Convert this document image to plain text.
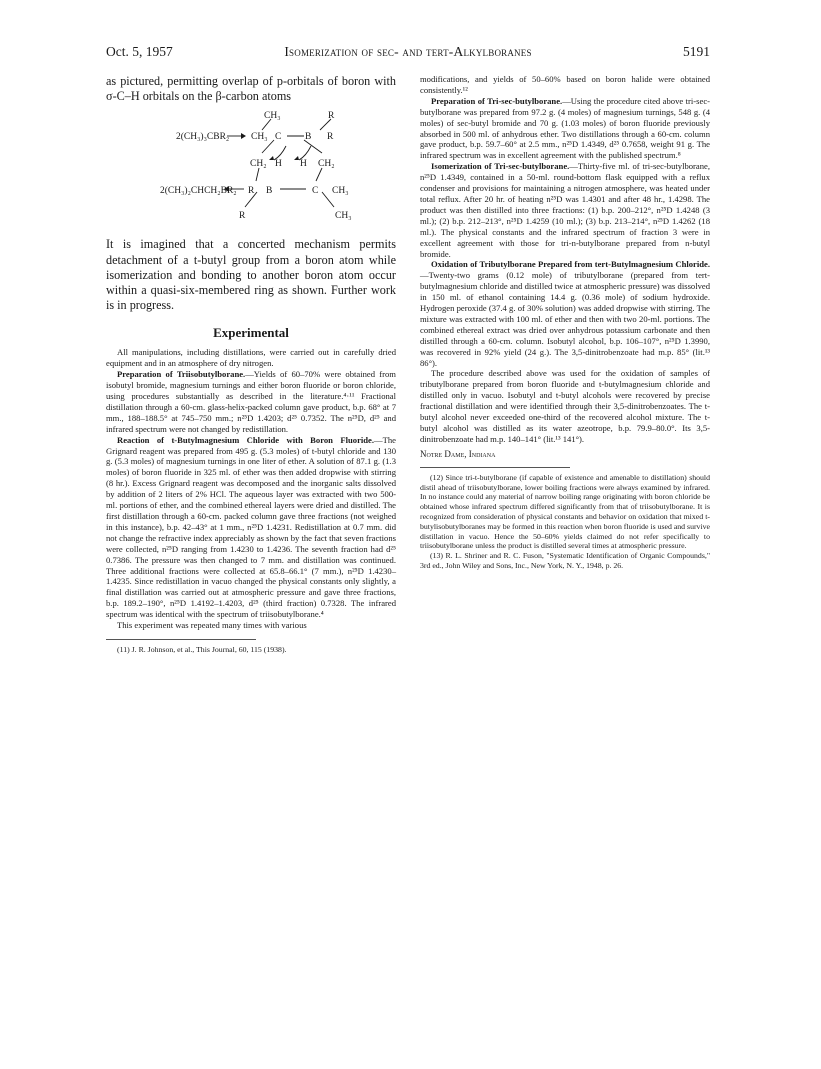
Oct. 5, 1957	Isomerization of sec- and tert-Alkylboranes	5191

as pictured, permitting overlap of p-orbitals of boron with σ-C–H orbitals on the β-carbon atoms

2(CH₃)₃CBR₂
2(CH₃)₂CHCH₂BR₂
CH₃	R
CH₃ C B R
CH₂ H H CH₂
R B	C CH₃
R	CH₃

It is imagined that a concerted mechanism permits detachment of a t-butyl group from a boron atom while isomerization and bonding to another boron atom occur within a quasi-six-membered ring as shown. Further work is in progress.

Experimental

All manipulations, including distillations, were carried out in carefully dried equipment and in an atmosphere of dry nitrogen.

Preparation of Triisobutylborane.—Yields of 60–70% were obtained from isobutyl bromide, magnesium turnings and either boron fluoride or boron chloride, using procedures substantially as described in the literature.⁴·¹¹ Fractional distillation through a 60-cm. glass-helix-packed column gave product, b.p. 68° at 7 mm., 188–188.5° at 745–750 mm.; n²⁵D 1.4203; d²⁵ 0.7352. The n²⁵D, d²⁵ and infrared spectrum were not changed by redistillation.

Reaction of t-Butylmagnesium Chloride with Boron Fluoride.—The Grignard reagent was prepared from 495 g. (5.3 moles) of t-butyl chloride and 130 g. (5.3 moles) of magnesium turnings in one liter of ether. A solution of 87.1 g. (1.3 moles) of boron fluoride in 325 ml. of ether was then added dropwise with stirring (8 hr.). Excess Grignard reagent was decomposed and the inorganic salts dissolved by addition of 2 liters of 2% HCl. The aqueous layer was extracted with two 500-ml. portions of ether, and the combined ethereal layers were dried and distilled. The first distillation through a 60-cm. packed column gave three fractions (not weighed in this instance), b.p. 42–43° at 1 mm., n²⁵D 1.4231. Redistillation at 0.7 mm. did not change the refractive index appreciably as shown by the fact that seven fractions were collected, n²⁵D ranging from 1.4230 to 1.4236. The seventh fraction had d²⁵ 0.7386. The pressure was then changed to 7 mm. and distillation was continued. Three additional fractions were collected at 65.8–66.1° (7 mm.), n²⁵D 1.4230–1.4235. Since redistillation in vacuo changed the physical constants only slightly, a final distillation was carried out at atmospheric pressure and gave three fractions, b.p. 189.2–190°, n²⁵D 1.4192–1.4203, d²⁵ (third fraction) 0.7328. The infrared spectrum was identical with the spectrum of triisobutylborane.⁴

This experiment was repeated many times with various

(11) J. R. Johnson, et al., This Journal, 60, 115 (1938).

modifications, and yields of 50–60% based on boron halide were obtained consistently.¹²

Preparation of Tri-sec-butylborane.—Using the procedure cited above tri-sec-butylborane was prepared from 97.2 g. (4 moles) of magnesium turnings, 548 g. (4 moles) of sec-butyl bromide and 70 g. (1.03 moles) of boron fluoride previously absorbed in 500 ml. of anhydrous ether. Two distillations through a 60-cm. column gave product, b.p. 59.7–60° at 2.5 mm., n²⁵D 1.4349, d²⁵ 0.7658, weight 91 g. The infrared spectrum was in excellent agreement with the published spectrum.⁸

Isomerization of Tri-sec-butylborane.—Thirty-five ml. of tri-sec-butylborane, n²⁵D 1.4349, contained in a 50-ml. round-bottom flask equipped with a reflux condenser and provisions for maintaining a nitrogen atmosphere, was heated under total reflux. After 20 hr. of heating n²⁵D was 1.4301 and after 48 hr., 1.4298. The product was then distilled into three fractions: (1) b.p. 200–212°, n²⁵D 1.4248 (3 ml.); (2) b.p. 212–213°, n²⁵D 1.4259 (10 ml.); (3) b.p. 213–214°, n²⁵D 1.4262 (18 ml.). The physical constants and the infrared spectrum of fraction 3 were in excellent agreement with those for tri-n-butylborane prepared from n-butyl bromide.

Oxidation of Tributylborane Prepared from tert-Butylmagnesium Chloride.—Twenty-two grams (0.12 mole) of tributylborane (prepared from tert-butylmagnesium chloride and distilled twice at atmospheric pressure) was dissolved in 150 ml. of ethanol containing 14.4 g. (0.36 mole) of sodium hydroxide. Hydrogen peroxide (37.4 g. of 30% solution) was added dropwise with stirring. The mixture was extracted with 100 ml. of ether and then with two 20-ml. portions. The combined ethereal extract was dried over anhydrous potassium carbonate and then distilled through a 60-cm. column. Isobutyl alcohol, b.p. 106–107°, n²⁵D 1.3990, was recovered in 92% yield (24 g.). The 3,5-dinitrobenzoate had m.p. 85° (lit.¹³ 86°).

The procedure described above was used for the oxidation of samples of tributylborane prepared from boron fluoride and t-butylmagnesium chloride and distilled only in vacuo. Isobutyl and t-butyl alcohols were recovered by precise fractional distillation and were identified through their 3,5-dinitrobenzoates. The t-butyl alcohol never exceeded one-third of the recovered alcohol mixture. The t-butyl alcohol was distilled as its water azeotrope, b.p. 79.9–80.0°. Its 3,5-dinitrobenzoate had m.p. 140–141° (lit.¹³ 141°).

Notre Dame, Indiana

(12) Since tri-t-butylborane (if capable of existence and amenable to distillation) should distil ahead of triisobutylborane, lower boiling fractions were always examined by infrared. In no instance could any material of narrow boiling range originating with boron chloride be obtained whose infrared spectrum differed significantly from that of triisobutylborane. It is recognized from consideration of physical constants and behavior on oxidation that mixed t-butylisobutylboranes may be formed in this reaction when boron fluoride is used and survive distillation in vacuo. Hence the 50–60% yields claimed do not refer specifically to triisobutylborane unless the product is distilled several times at atmospheric pressure.

(13) R. L. Shriner and R. C. Fuson, "Systematic Identification of Organic Compounds," 3rd ed., John Wiley and Sons, Inc., New York, N. Y., 1948, p. 26.
